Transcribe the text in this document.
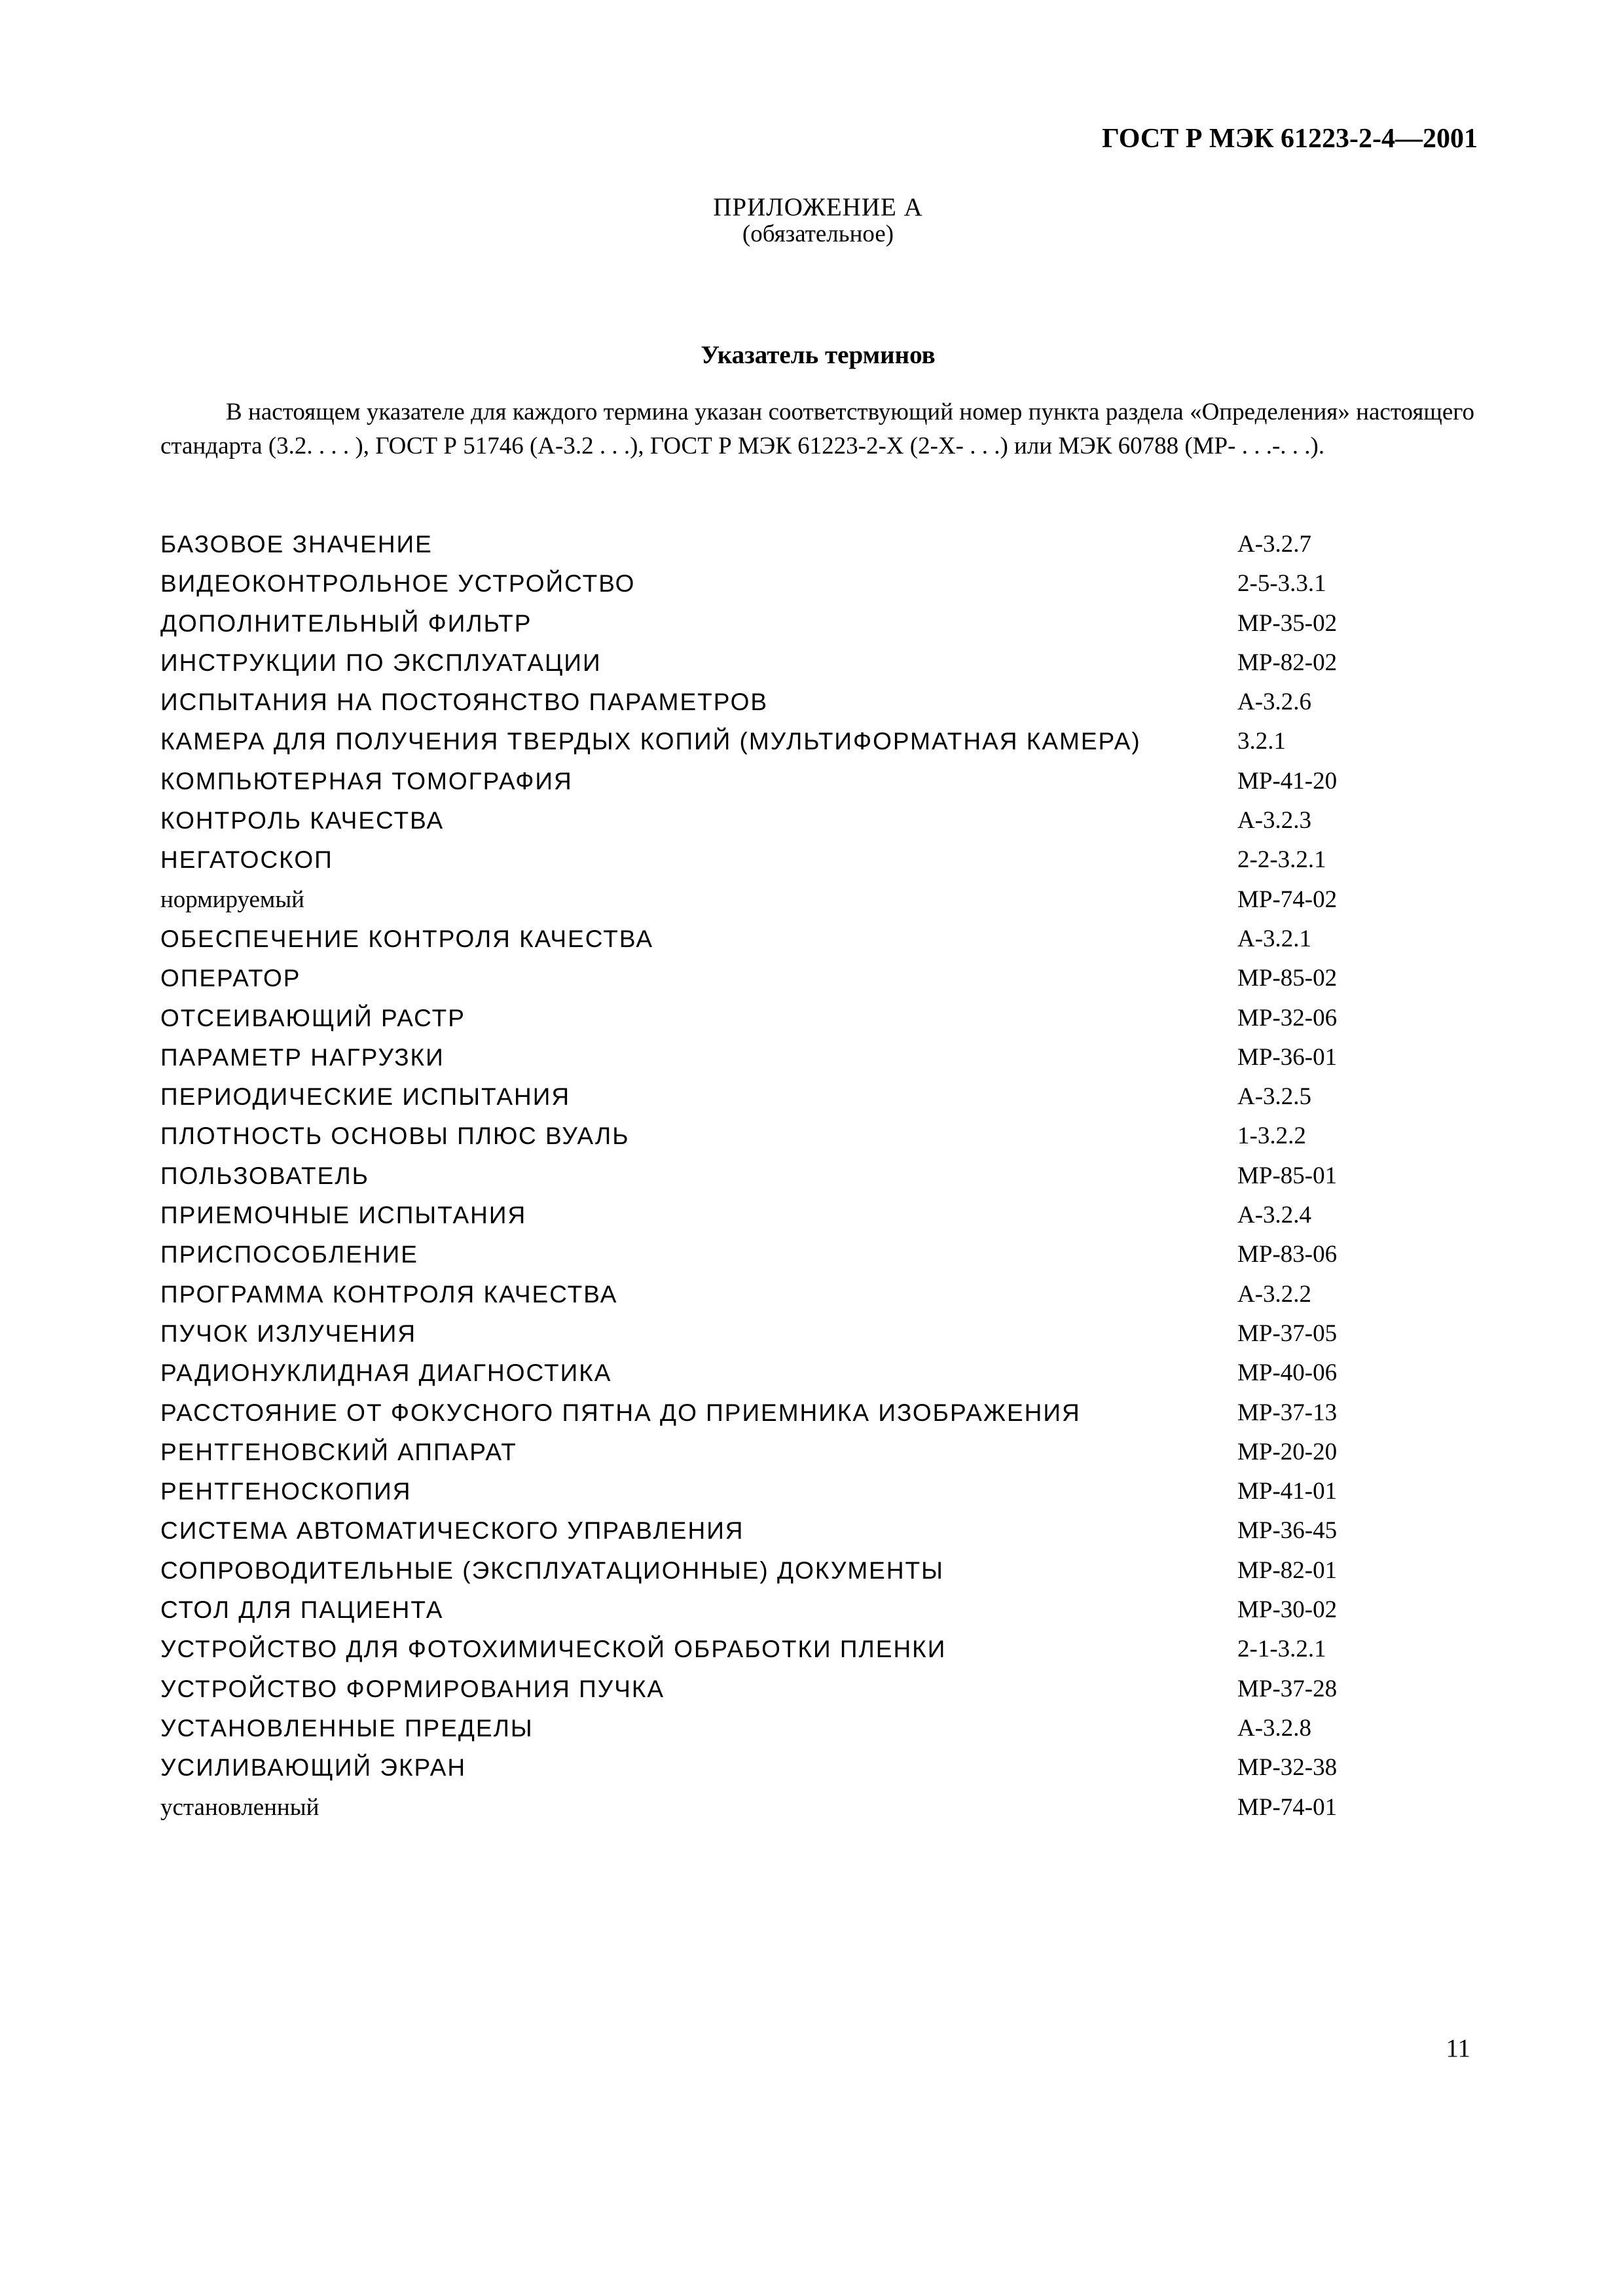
ГОСТ Р МЭК 61223-2-4—2001
ПРИЛОЖЕНИЕ А
(обязательное)
Указатель терминов
В настоящем указателе для каждого термина указан соответствующий номер пункта раздела «Определения» настоящего стандарта (3.2. . . . ), ГОСТ Р 51746 (А-3.2 . . .), ГОСТ Р МЭК 61223-2-Х (2-Х- . . .) или МЭК 60788 (МР- . . .-. . .).
БАЗОВОЕ ЗНАЧЕНИЕ	А-3.2.7
ВИДЕОКОНТРОЛЬНОЕ УСТРОЙСТВО	2-5-3.3.1
ДОПОЛНИТЕЛЬНЫЙ ФИЛЬТР	МР-35-02
ИНСТРУКЦИИ ПО ЭКСПЛУАТАЦИИ	МР-82-02
ИСПЫТАНИЯ НА ПОСТОЯНСТВО ПАРАМЕТРОВ	А-3.2.6
КАМЕРА ДЛЯ ПОЛУЧЕНИЯ ТВЕРДЫХ КОПИЙ (МУЛЬТИФОРМАТНАЯ КАМЕРА)	3.2.1
КОМПЬЮТЕРНАЯ ТОМОГРАФИЯ	МР-41-20
КОНТРОЛЬ КАЧЕСТВА	А-3.2.3
НЕГАТОСКОП	2-2-3.2.1
нормируемый	МР-74-02
ОБЕСПЕЧЕНИЕ КОНТРОЛЯ КАЧЕСТВА	А-3.2.1
ОПЕРАТОР	МР-85-02
ОТСЕИВАЮЩИЙ РАСТР	МР-32-06
ПАРАМЕТР НАГРУЗКИ	МР-36-01
ПЕРИОДИЧЕСКИЕ ИСПЫТАНИЯ	А-3.2.5
ПЛОТНОСТЬ ОСНОВЫ ПЛЮС ВУАЛЬ	1-3.2.2
ПОЛЬЗОВАТЕЛЬ	МР-85-01
ПРИЕМОЧНЫЕ ИСПЫТАНИЯ	А-3.2.4
ПРИСПОСОБЛЕНИЕ	МР-83-06
ПРОГРАММА КОНТРОЛЯ КАЧЕСТВА	А-3.2.2
ПУЧОК ИЗЛУЧЕНИЯ	МР-37-05
РАДИОНУКЛИДНАЯ ДИАГНОСТИКА	МР-40-06
РАССТОЯНИЕ ОТ ФОКУСНОГО ПЯТНА ДО ПРИЕМНИКА ИЗОБРАЖЕНИЯ	МР-37-13
РЕНТГЕНОВСКИЙ АППАРАТ	МР-20-20
РЕНТГЕНОСКОПИЯ	МР-41-01
СИСТЕМА АВТОМАТИЧЕСКОГО УПРАВЛЕНИЯ	МР-36-45
СОПРОВОДИТЕЛЬНЫЕ (ЭКСПЛУАТАЦИОННЫЕ) ДОКУМЕНТЫ	МР-82-01
СТОЛ ДЛЯ ПАЦИЕНТА	МР-30-02
УСТРОЙСТВО ДЛЯ ФОТОХИМИЧЕСКОЙ ОБРАБОТКИ ПЛЕНКИ	2-1-3.2.1
УСТРОЙСТВО ФОРМИРОВАНИЯ ПУЧКА	МР-37-28
УСТАНОВЛЕННЫЕ ПРЕДЕЛЫ	А-3.2.8
УСИЛИВАЮЩИЙ ЭКРАН	МР-32-38
установленный	МР-74-01
11
